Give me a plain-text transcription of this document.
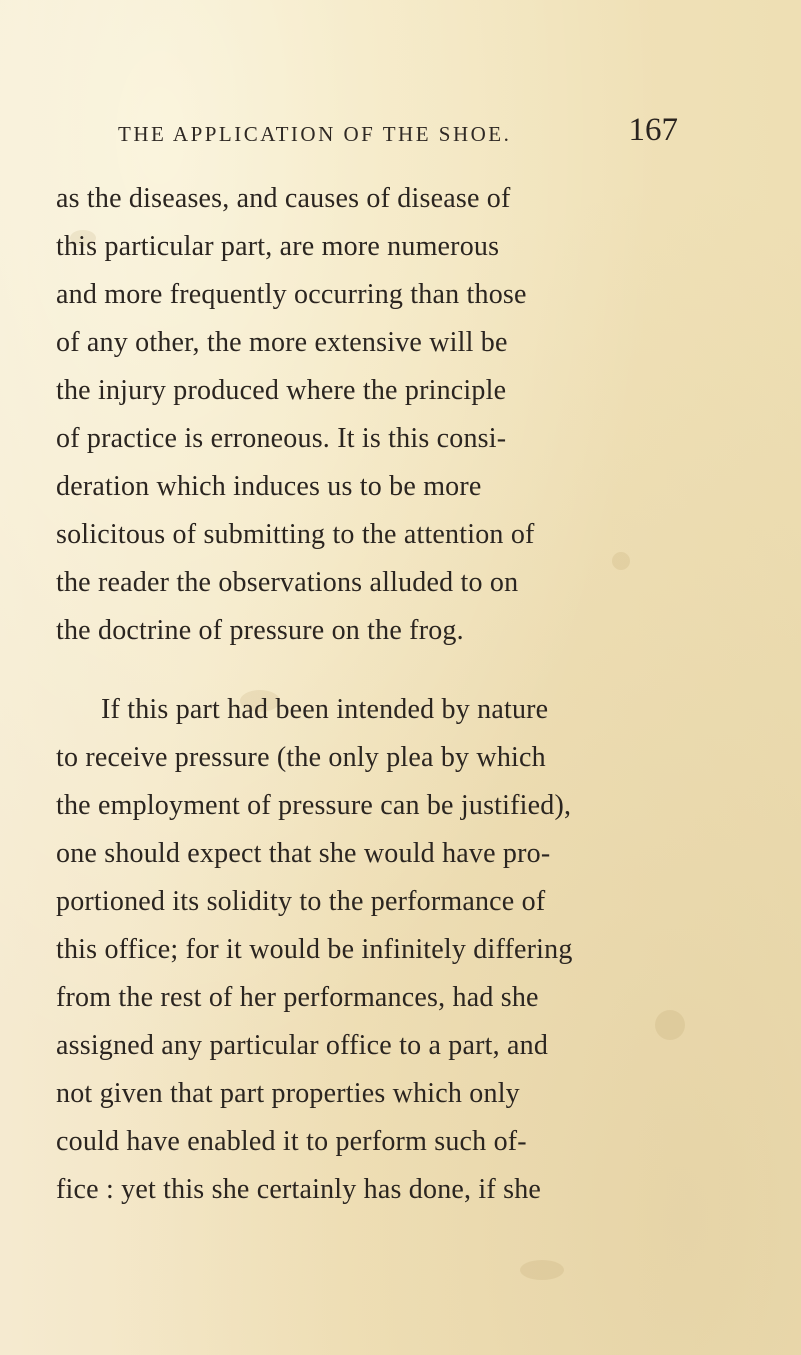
THE APPLICATION OF THE SHOE.	167
as the diseases, and causes of disease of
this particular part, are more numerous
and more frequently occurring than those
of any other, the more extensive will be
the injury produced where the principle
of practice is erroneous. It is this consi-
deration which induces us to be more
solicitous of submitting to the attention of
the reader the observations alluded to on
the doctrine of pressure on the frog.
If this part had been intended by nature
to receive pressure (the only plea by which
the employment of pressure can be justified),
one should expect that she would have pro-
portioned its solidity to the performance of
this office; for it would be infinitely differing
from the rest of her performances, had she
assigned any particular office to a part, and
not given that part properties which only
could have enabled it to perform such of-
fice : yet this she certainly has done, if she
